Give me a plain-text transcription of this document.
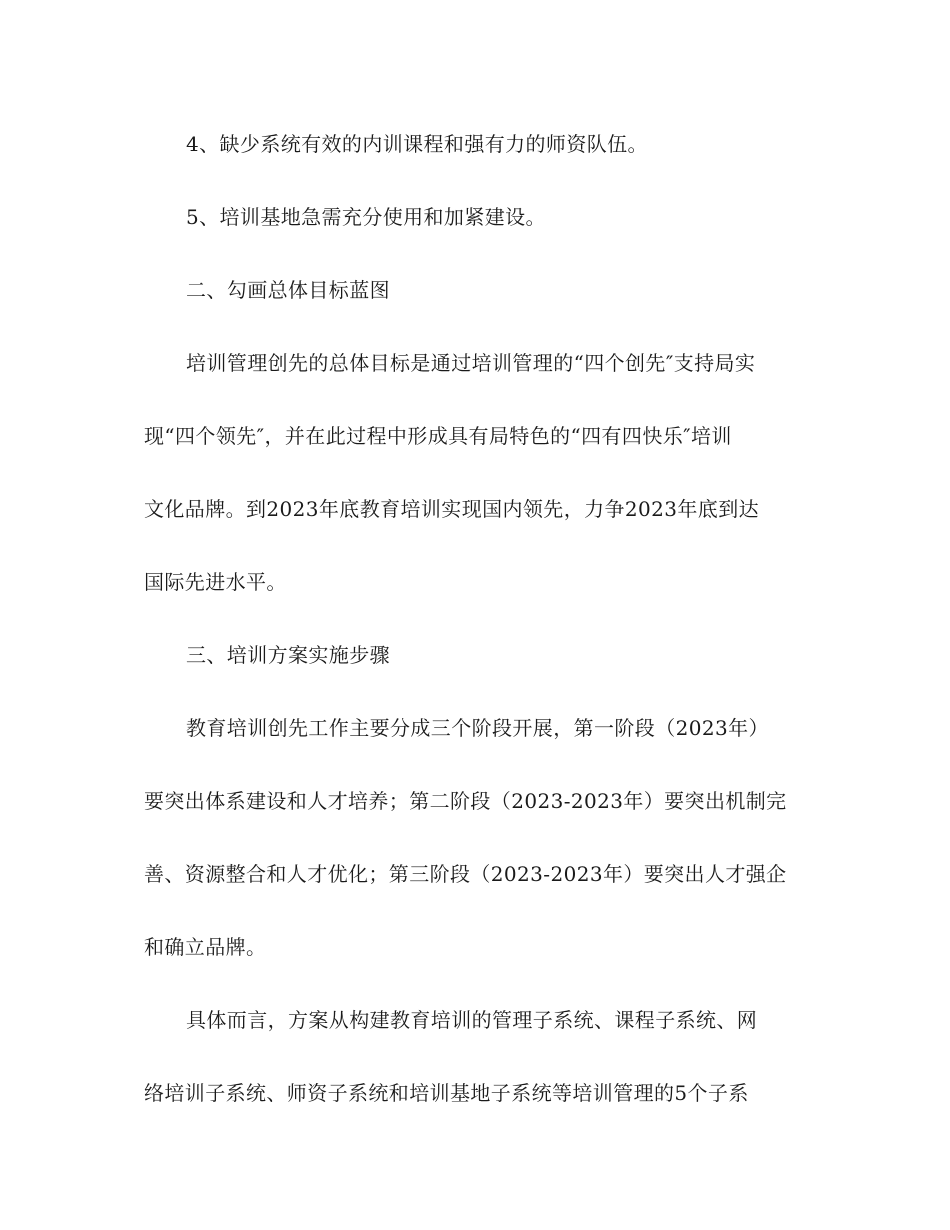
4、缺少系统有效的内训课程和强有力的师资队伍。

5、培训基地急需充分使用和加紧建设。

二、勾画总体目标蓝图

培训管理创先的总体目标是通过培训管理的“四个创先″支持局实

现“四个领先″，并在此过程中形成具有局特色的“四有四快乐″培训

文化品牌。到2023年底教育培训实现国内领先，力争2023年底到达

国际先进水平。

三、培训方案实施步骤

教育培训创先工作主要分成三个阶段开展，第一阶段（2023年）

要突出体系建设和人才培养；第二阶段（2023-2023年）要突出机制完

善、资源整合和人才优化；第三阶段（2023-2023年）要突出人才强企

和确立品牌。

具体而言，方案从构建教育培训的管理子系统、课程子系统、网

络培训子系统、师资子系统和培训基地子系统等培训管理的5个子系
